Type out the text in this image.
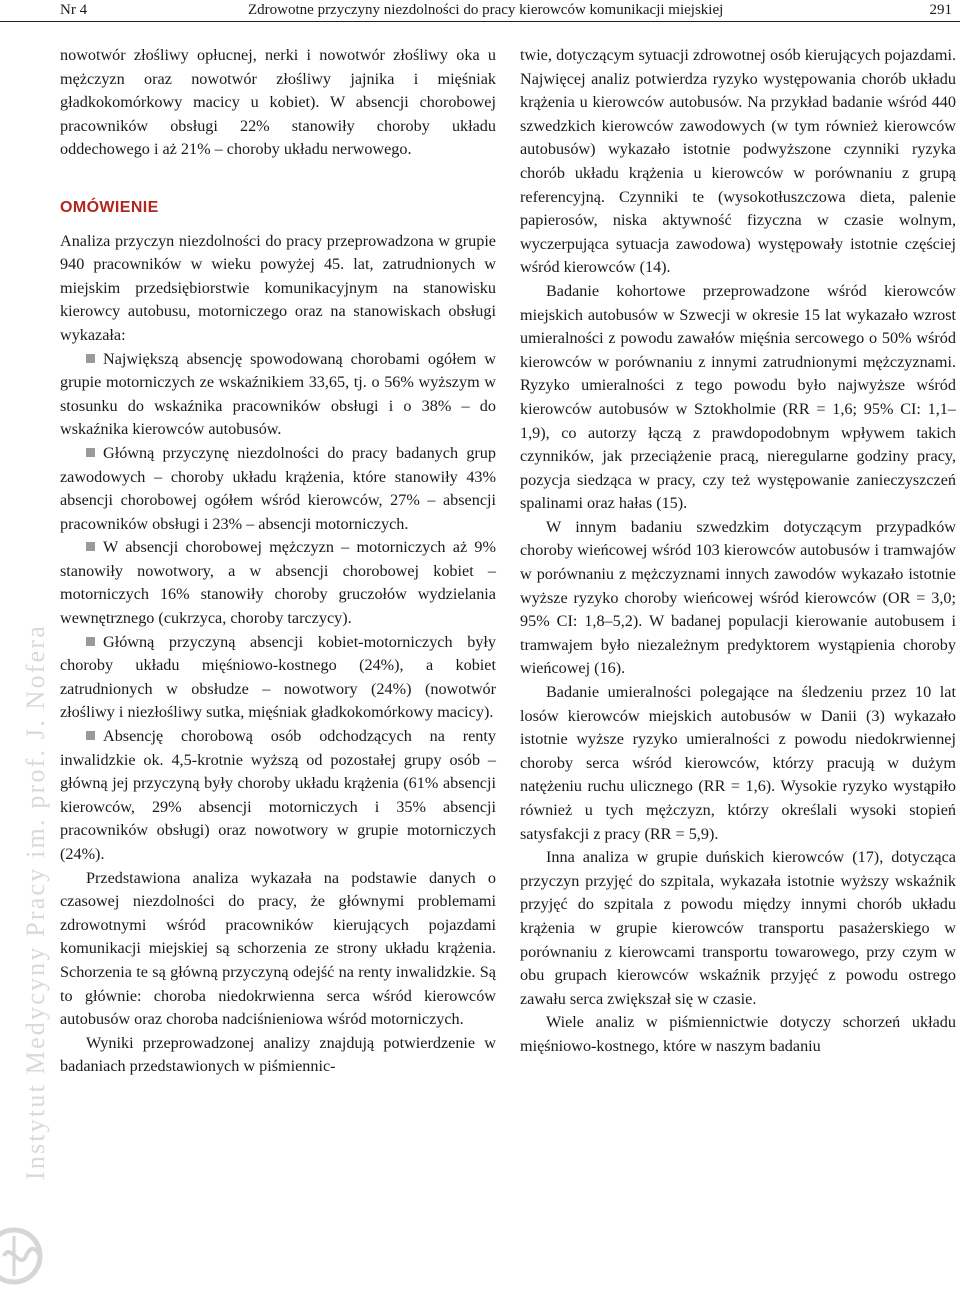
Nr 4	Zdrowotne przyczyny niezdolności do pracy kierowców komunikacji miejskiej	291
Instytut Medycyny Pracy im. prof. J. Nofera

nowotwór złośliwy opłucnej, nerki i nowotwór złośliwy oka u mężczyzn oraz nowotwór złośliwy jajnika i mięśniak gładkokomórkowy macicy u kobiet). W absencji chorobowej pracowników obsługi 22% stanowiły choroby układu oddechowego i aż 21% – choroby układu nerwowego.

OMÓWIENIE

Analiza przyczyn niezdolności do pracy przeprowadzona w grupie 940 pracowników w wieku powyżej 45. lat, zatrudnionych w miejskim przedsiębiorstwie komunikacyjnym na stanowisku kierowcy autobusu, motorniczego oraz na stanowiskach obsługi wykazała:

Największą absencję spowodowaną chorobami ogółem w grupie motorniczych ze wskaźnikiem 33,65, tj. o 56% wyższym w stosunku do wskaźnika pracowników obsługi i o 38% – do wskaźnika kierowców autobusów.

Główną przyczynę niezdolności do pracy badanych grup zawodowych – choroby układu krążenia, które stanowiły 43% absencji chorobowej ogółem wśród kierowców, 27% – absencji pracowników obsługi i 23% – absencji motorniczych.

W absencji chorobowej mężczyzn – motorniczych aż 9% stanowiły nowotwory, a w absencji chorobowej kobiet – motorniczych 16% stanowiły choroby gruczołów wydzielania wewnętrznego (cukrzyca, choroby tarczycy).

Główną przyczyną absencji kobiet-motorniczych były choroby układu mięśniowo-kostnego (24%), a kobiet zatrudnionych w obsłudze – nowotwory (24%) (nowotwór złośliwy i niezłośliwy sutka, mięśniak gładkokomórkowy macicy).

Absencję chorobową osób odchodzących na renty inwalidzkie ok. 4,5-krotnie wyższą od pozostałej grupy osób – główną jej przyczyną były choroby układu krążenia (61% absencji kierowców, 29% absencji motorniczych i 35% absencji pracowników obsługi) oraz nowotwory w grupie motorniczych (24%).

Przedstawiona analiza wykazała na podstawie danych o czasowej niezdolności do pracy, że głównymi problemami zdrowotnymi wśród pracowników kierujących pojazdami komunikacji miejskiej są schorzenia ze strony układu krążenia. Schorzenia te są główną przyczyną odejść na renty inwalidzkie. Są to głównie: choroba niedokrwienna serca wśród kierowców autobusów oraz choroba nadciśnieniowa wśród motorniczych.

Wyniki przeprowadzonej analizy znajdują potwierdzenie w badaniach przedstawionych w piśmiennic-

twie, dotyczącym sytuacji zdrowotnej osób kierujących pojazdami. Najwięcej analiz potwierdza ryzyko występowania chorób układu krążenia u kierowców autobusów. Na przykład badanie wśród 440 szwedzkich kierowców zawodowych (w tym również kierowców autobusów) wykazało istotnie podwyższone czynniki ryzyka chorób układu krążenia u kierowców w porównaniu z grupą referencyjną. Czynniki te (wysokotłuszczowa dieta, palenie papierosów, niska aktywność fizyczna w czasie wolnym, wyczerpująca sytuacja zawodowa) występowały istotnie częściej wśród kierowców (14).

Badanie kohortowe przeprowadzone wśród kierowców miejskich autobusów w Szwecji w okresie 15 lat wykazało wzrost umieralności z powodu zawałów mięśnia sercowego o 50% wśród kierowców w porównaniu z innymi zatrudnionymi mężczyznami. Ryzyko umieralności z tego powodu było najwyższe wśród kierowców autobusów w Sztokholmie (RR = 1,6; 95% CI: 1,1–1,9), co autorzy łączą z prawdopodobnym wpływem takich czynników, jak przeciążenie pracą, nieregularne godziny pracy, pozycja siedząca w pracy, czy też występowanie zanieczyszczeń spalinami oraz hałas (15).

W innym badaniu szwedzkim dotyczącym przypadków choroby wieńcowej wśród 103 kierowców autobusów i tramwajów w porównaniu z mężczyznami innych zawodów wykazało istotnie wyższe ryzyko choroby wieńcowej wśród kierowców (OR = 3,0; 95% CI: 1,8–5,2). W badanej populacji kierowanie autobusem i tramwajem było niezależnym predyktorem wystąpienia choroby wieńcowej (16).

Badanie umieralności polegające na śledzeniu przez 10 lat losów kierowców miejskich autobusów w Danii (3) wykazało istotnie wyższe ryzyko umieralności z powodu niedokrwiennej choroby serca wśród kierowców, którzy pracują w dużym natężeniu ruchu ulicznego (RR = 1,6). Wysokie ryzyko wystąpiło również u tych mężczyzn, którzy określali wysoki stopień satysfakcji z pracy (RR = 5,9).

Inna analiza w grupie duńskich kierowców (17), dotycząca przyczyn przyjęć do szpitala, wykazała istotnie wyższy wskaźnik przyjęć do szpitala z powodu między innymi chorób układu krążenia w grupie kierowców transportu pasażerskiego w porównaniu z kierowcami transportu towarowego, przy czym w obu grupach kierowców wskaźnik przyjęć z powodu ostrego zawału serca zwiększał się w czasie.

Wiele analiz w piśmiennictwie dotyczy schorzeń układu mięśniowo-kostnego, które w naszym badaniu
